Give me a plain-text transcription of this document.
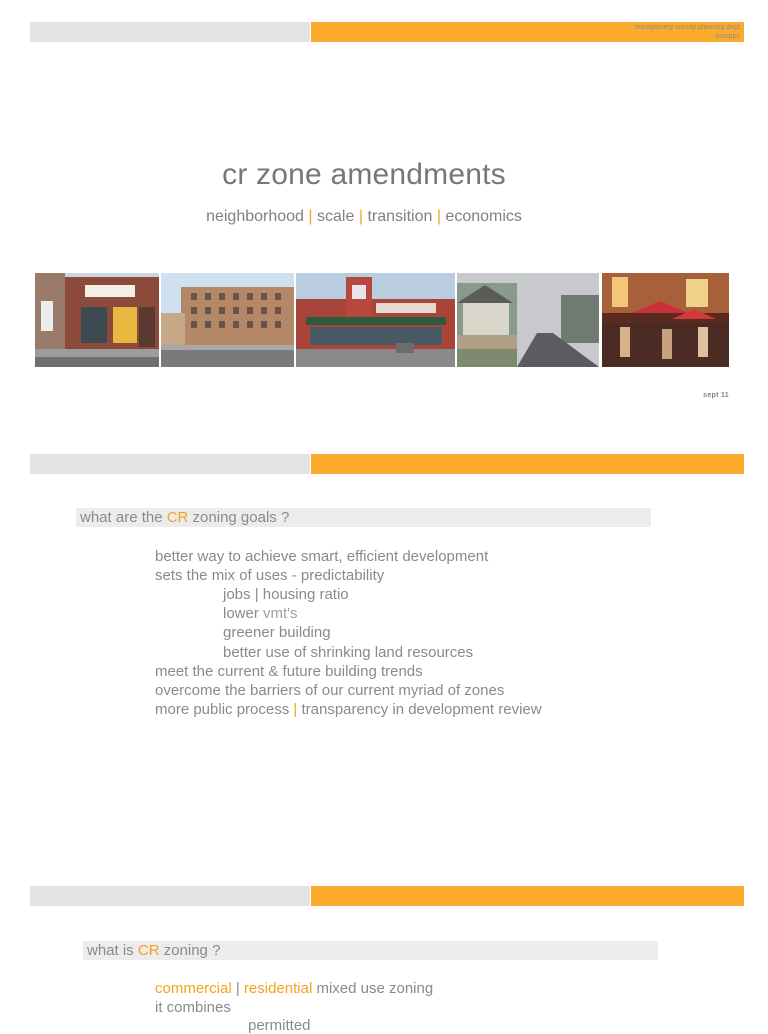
montgomery county planning dept
mncppc
cr zone amendments
neighborhood | scale | transition | economics
sept 11
what are the CR zoning goals ?
better way to achieve smart, efficient development
sets the mix of uses - predictability
jobs | housing ratio
lower vmt's
greener building
better use of shrinking land resources
meet the current & future building trends
overcome the barriers of our current myriad of zones
more public process | transparency in development review
what is CR zoning ?
commercial | residential mixed use zoning
it combines
permitted
